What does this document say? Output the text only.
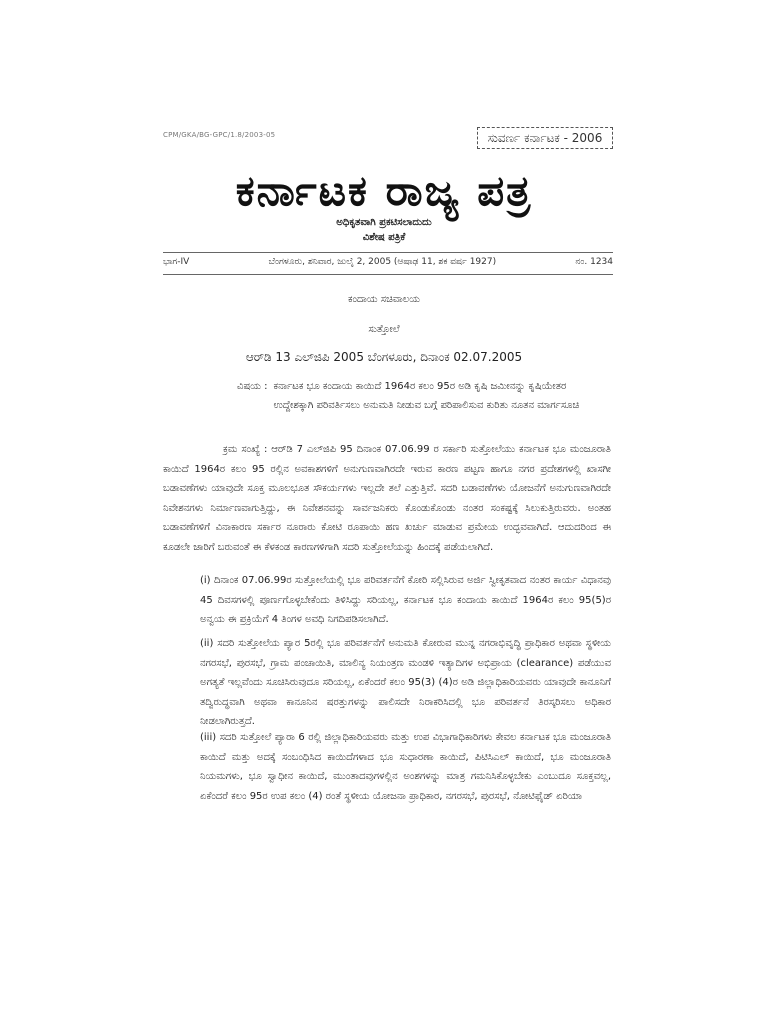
CPM/GKA/BG-GPC/1.8/2003-05	ಸುವರ್ಣ ಕರ್ನಾಟಕ - 2006
ಕರ್ನಾಟಕ ರಾಜ್ಯ ಪತ್ರ
ಅಧಿಕೃತವಾಗಿ ಪ್ರಕಟಿಸಲಾದುದು
ವಿಶೇಷ ಪತ್ರಿಕೆ
ಭಾಗ-IV	ಬೆಂಗಳೂರು, ಶನಿವಾರ, ಜುಲೈ 2, 2005 (ಆಷಾಢ 11, ಶಕ ವರ್ಷ 1927)	ನಂ. 1234
ಕಂದಾಯ ಸಚಿವಾಲಯ
ಸುತ್ತೋಲೆ
ಆರ್‌ಡಿ 13 ಎಲ್‌ಜಿಪಿ 2005 ಬೆಂಗಳೂರು, ದಿನಾಂಕ 02.07.2005
ವಿಷಯ : ಕರ್ನಾಟಕ ಭೂ ಕಂದಾಯ ಕಾಯಿದೆ 1964ರ ಕಲಂ 95ರ ಅಡಿ ಕೃಷಿ ಜಮೀನನ್ನು ಕೃಷಿಯೇತರ ಉದ್ದೇಶಕ್ಕಾಗಿ ಪರಿವರ್ತಿಸಲು ಅನುಮತಿ ನೀಡುವ ಬಗ್ಗೆ ಪರಿಪಾಲಿಸುವ ಕುರಿತು ನೂತನ ಮಾರ್ಗಸೂಚಿ
ಕ್ರಮ ಸಂಖ್ಯೆ : ಆರ್‌ಡಿ 7 ಎಲ್‌ಜಿಪಿ 95 ದಿನಾಂಕ 07.06.99 ರ ಸರ್ಕಾರಿ ಸುತ್ತೋಲೆಯು ಕರ್ನಾಟಕ ಭೂ ಮಂಜೂರಾತಿ ಕಾಯಿದೆ 1964ರ ಕಲಂ 95 ರಲ್ಲಿನ ಅವಕಾಶಗಳಿಗೆ ಅನುಗುಣವಾಗಿರದೇ ಇರುವ ಕಾರಣ ಪಟ್ಟಣ ಹಾಗೂ ನಗರ ಪ್ರದೇಶಗಳಲ್ಲಿ ಖಾಸಗೀ ಬಡಾವಣೆಗಳು ಯಾವುದೇ ಸೂಕ್ತ ಮೂಲಭೂತ ಸೌಕರ್ಯಗಳು ಇಲ್ಲದೇ ತಲೆ ಎತ್ತುತ್ತಿವೆ. ಸದರಿ ಬಡಾವಣೆಗಳು ಯೋಜನೆಗೆ ಅನುಗುಣವಾಗಿರದೇ ನಿವೇಶನಗಳು ನಿರ್ಮಾಣವಾಗುತ್ತಿದ್ದು, ಈ ನಿವೇಶನವನ್ನು ಸಾರ್ವಜನಿಕರು ಕೊಂಡುಕೊಂಡು ನಂತರ ಸಂಕಷ್ಟಕ್ಕೆ ಸಿಲುಕುತ್ತಿರುವರು. ಅಂತಹ ಬಡಾವಣೆಗಳಿಗೆ ವಿನಾಕಾರಣ ಸರ್ಕಾರ ನೂರಾರು ಕೋಟಿ ರೂಪಾಯಿ ಹಣ ಖರ್ಚು ಮಾಡುವ ಪ್ರಮೇಯ ಉದ್ಭವವಾಗಿದೆ. ಆದುದರಿಂದ ಈ ಕೂಡಲೇ ಜಾರಿಗೆ ಬರುವಂತೆ ಈ ಕೆಳಕಂಡ ಕಾರಣಗಳಿಗಾಗಿ ಸದರಿ ಸುತ್ತೋಲೆಯನ್ನು ಹಿಂದಕ್ಕೆ ಪಡೆಯಲಾಗಿದೆ.
(i) ದಿನಾಂಕ 07.06.99ರ ಸುತ್ತೋಲೆಯಲ್ಲಿ ಭೂ ಪರಿವರ್ತನೆಗೆ ಕೋರಿ ಸಲ್ಲಿಸಿರುವ ಅರ್ಜಿ ಸ್ವೀಕೃತವಾದ ನಂತರ ಕಾರ್ಯ ವಿಧಾನವು 45 ದಿವಸಗಳಲ್ಲಿ ಪೂರ್ಣಗೊಳ್ಳಬೇಕೆಂದು ತಿಳಿಸಿದ್ದು ಸರಿಯಲ್ಲ, ಕರ್ನಾಟಕ ಭೂ ಕಂದಾಯ ಕಾಯಿದೆ 1964ರ ಕಲಂ 95(5)ರ ಅನ್ವಯ ಈ ಪ್ರಕ್ರಿಯೆಗೆ 4 ತಿಂಗಳ ಅವಧಿ ನಿಗದಿಪಡಿಸಲಾಗಿದೆ.
(ii) ಸದರಿ ಸುತ್ತೋಲೆಯ ಪ್ಯಾರ 5ರಲ್ಲಿ ಭೂ ಪರಿವರ್ತನೆಗೆ ಅನುಮತಿ ಕೋರುವ ಮುನ್ನ ನಗರಾಭಿವೃದ್ಧಿ ಪ್ರಾಧಿಕಾರ ಅಥವಾ ಸ್ಥಳೀಯ ನಗರಸಭೆ, ಪುರಸಭೆ, ಗ್ರಾಮ ಪಂಚಾಯಿತಿ, ಮಾಲಿನ್ಯ ನಿಯಂತ್ರಣ ಮಂಡಳಿ ಇತ್ಯಾದಿಗಳ ಅಭಿಪ್ರಾಯ (clearance) ಪಡೆಯುವ ಅಗತ್ಯತೆ ಇಲ್ಲವೆಂದು ಸೂಚಿಸಿರುವುದೂ ಸರಿಯಲ್ಲ, ಏಕೆಂದರೆ ಕಲಂ 95(3) (4)ರ ಅಡಿ ಜಿಲ್ಲಾಧಿಕಾರಿಯವರು ಯಾವುದೇ ಕಾನೂನಿಗೆ ತದ್ವಿರುದ್ಧವಾಗಿ ಅಥವಾ ಕಾನೂನಿನ ಷರತ್ತುಗಳನ್ನು ಪಾಲಿಸದೇ ನಿರಾಕರಿಸಿದಲ್ಲಿ ಭೂ ಪರಿವರ್ತನೆ ತಿರಸ್ಕರಿಸಲು ಅಧಿಕಾರ ನೀಡಲಾಗಿರುತ್ತದೆ.
(iii) ಸದರಿ ಸುತ್ತೋಲೆ ಪ್ಯಾರಾ 6 ರಲ್ಲಿ ಜಿಲ್ಲಾಧಿಕಾರಿಯವರು ಮತ್ತು ಉಪ ವಿಭಾಗಾಧಿಕಾರಿಗಳು ಕೇವಲ ಕರ್ನಾಟಕ ಭೂ ಮಂಜೂರಾತಿ ಕಾಯಿದೆ ಮತ್ತು ಅದಕ್ಕೆ ಸಂಬಂಧಿಸಿದ ಕಾಯಿದೆಗಳಾದ ಭೂ ಸುಧಾರಣಾ ಕಾಯಿದೆ, ಪಿಟಿಸಿಎಲ್ ಕಾಯಿದೆ, ಭೂ ಮಂಜೂರಾತಿ ನಿಯಮಗಳು, ಭೂ ಸ್ವಾಧೀನ ಕಾಯಿದೆ, ಮುಂತಾದವುಗಳಲ್ಲಿನ ಅಂಶಗಳನ್ನು ಮಾತ್ರ ಗಮನಿಸಿಕೊಳ್ಳಬೇಕು ಎಂಬುದೂ ಸೂಕ್ತವಲ್ಲ, ಏಕೆಂದರೆ ಕಲಂ 95ರ ಉಪ ಕಲಂ (4) ರಂತೆ ಸ್ಥಳೀಯ ಯೋಜನಾ ಪ್ರಾಧಿಕಾರ, ನಗರಸಭೆ, ಪುರಸಭೆ, ನೋಟಿಫೈಡ್ ಏರಿಯಾ
